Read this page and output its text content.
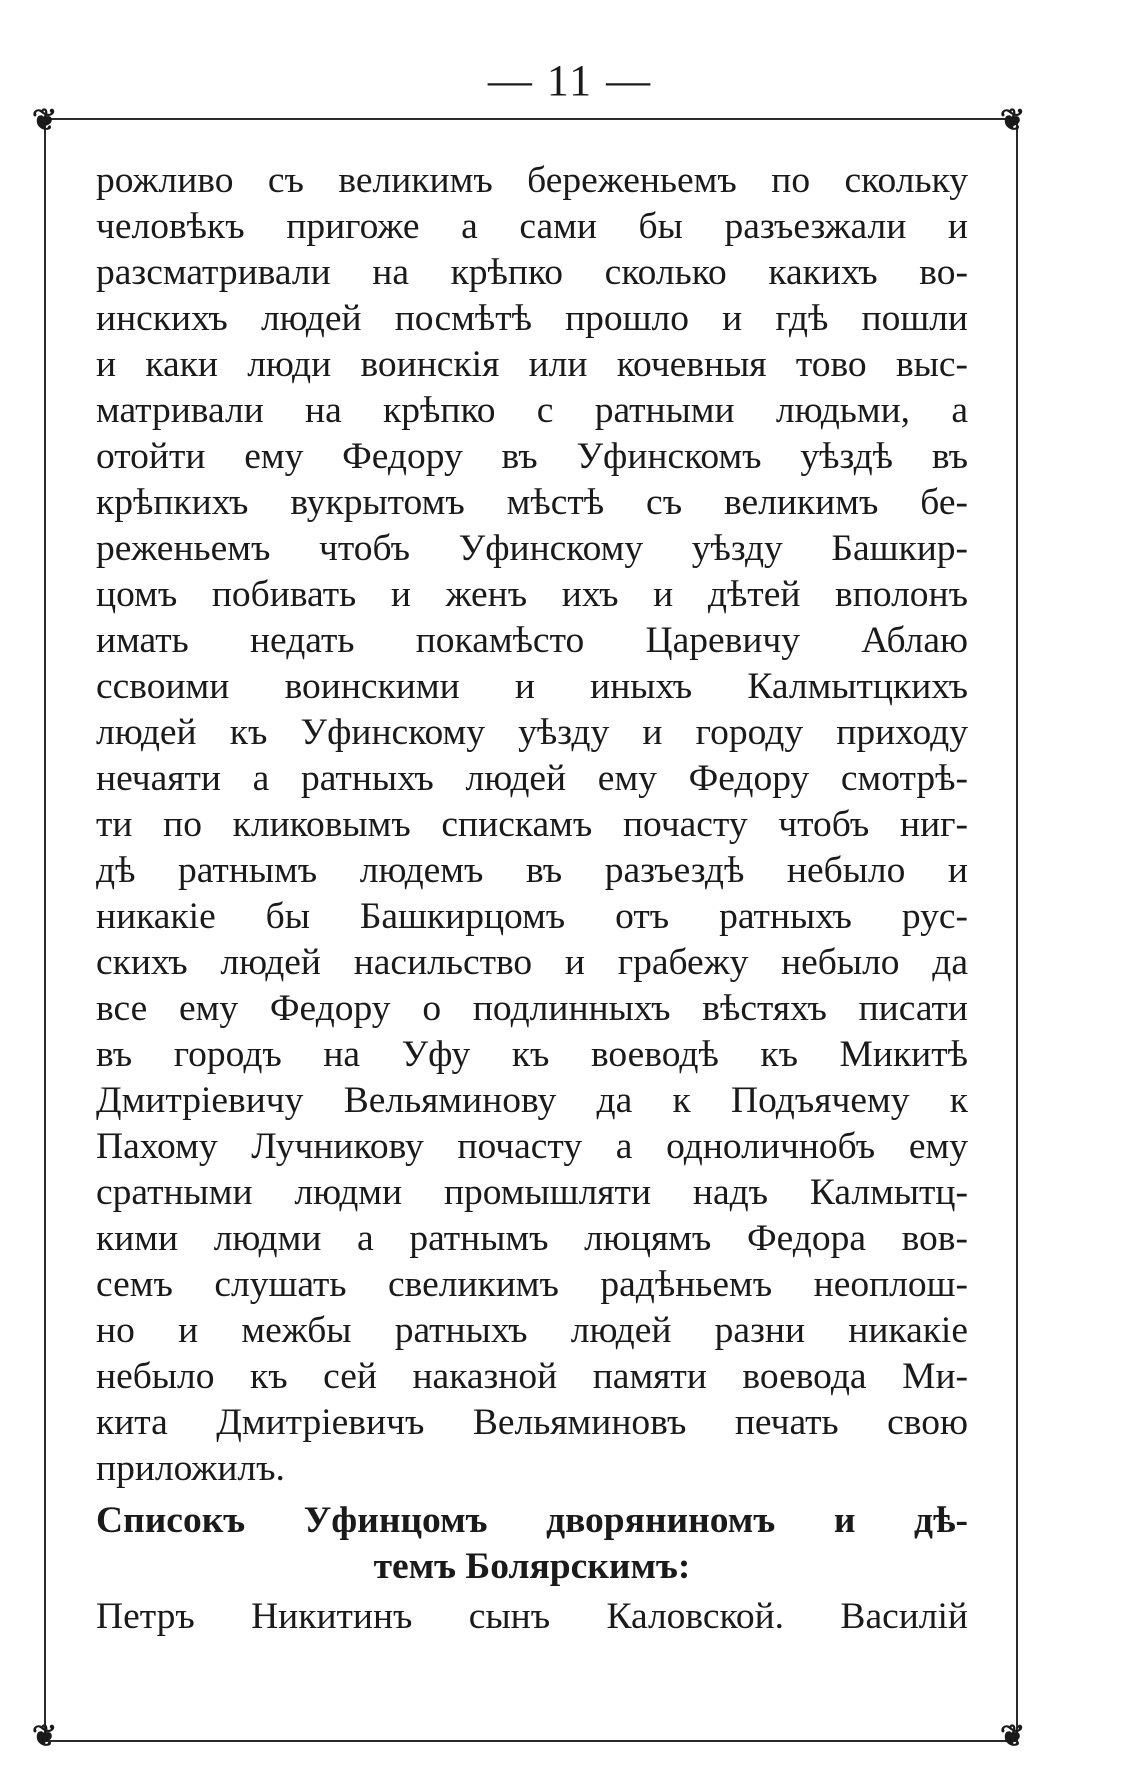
— 11 —
❦	❦
❦	❦
рожливо съ великимъ береженьемъ по скольку
человѣкъ пригоже а сами бы разъезжали и
разсматривали на крѣпко сколько какихъ во-
инскихъ людей посмѣтѣ прошло и гдѣ пошли
и каки люди воинскія или кочевныя тово выс-
матривали на крѣпко с ратными людьми, а
отойти ему Федору въ Уфинскомъ уѣздѣ въ
крѣпкихъ вукрытомъ мѣстѣ съ великимъ бе-
реженьемъ чтобъ Уфинскому уѣзду Башкир-
цомъ побивать и женъ ихъ и дѣтей вполонъ
имать недать покамѣсто Царевичу Аблаю
ссвоими воинскими и иныхъ Калмытцкихъ
людей къ Уфинскому уѣзду и городу приходу
нечаяти а ратныхъ людей ему Федору смотрѣ-
ти по кликовымъ спискамъ почасту чтобъ ниг-
дѣ ратнымъ людемъ въ разъездѣ небыло и
никакіе бы Башкирцомъ отъ ратныхъ рус-
скихъ людей насильство и грабежу небыло да
все ему Федору о подлинныхъ вѣстяхъ писати
въ городъ на Уфу къ воеводѣ къ Микитѣ
Дмитріевичу Вельяминову да к Подъячему к
Пахому Лучникову почасту а одноличнобъ ему
сратными людми промышляти надъ Калмытц-
кими людми а ратнымъ люцямъ Федора вов-
семъ слушать свеликимъ радѣньемъ неоплош-
но и межбы ратныхъ людей разни никакіе
небыло къ сей наказной памяти воевода Ми-
кита Дмитріевичъ Вельяминовъ печать свою
приложилъ.
Списокъ Уфинцомъ дворяниномъ и дѣ-
темъ Болярскимъ:
Петръ Никитинъ сынъ Каловской. Василій
